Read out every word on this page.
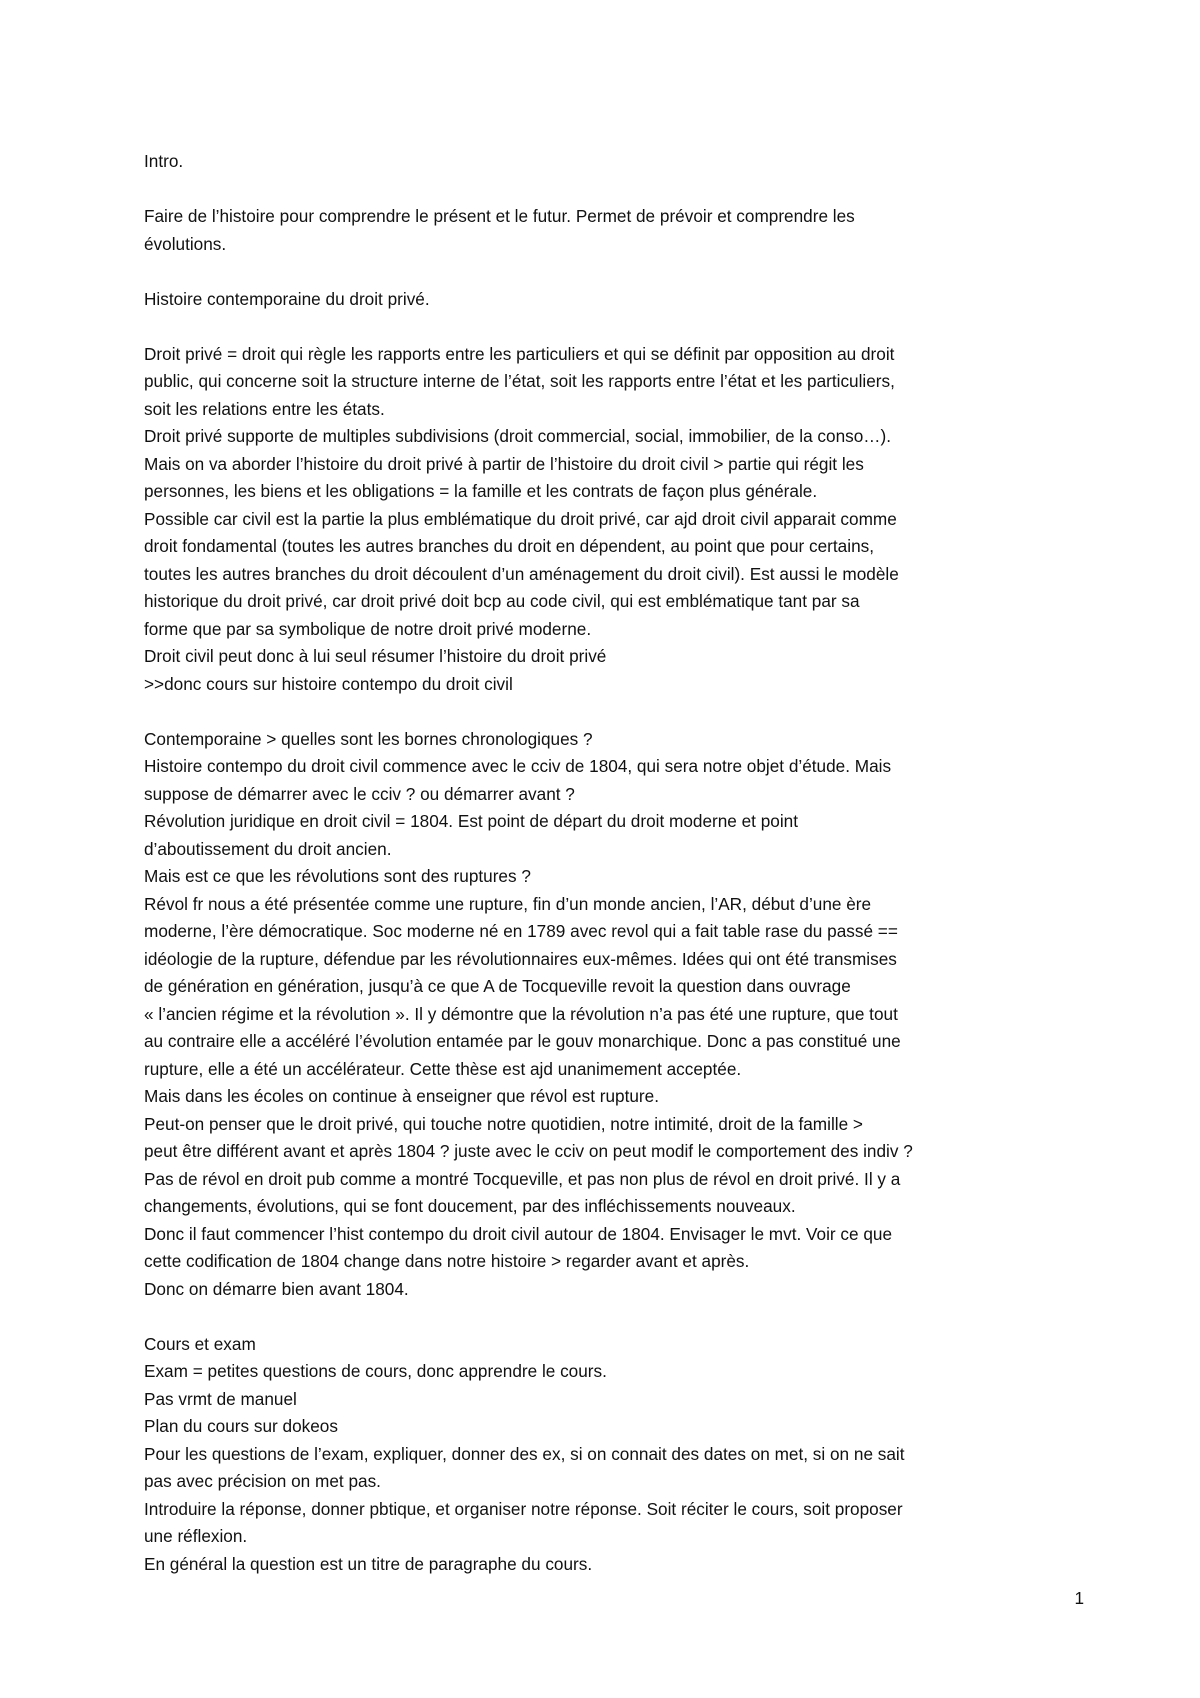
Intro.
Faire de l’histoire pour comprendre le présent et le futur. Permet de prévoir et comprendre les
évolutions.
Histoire contemporaine du droit privé.
Droit privé = droit qui règle les rapports entre les particuliers et qui se définit par opposition au droit
public, qui concerne soit la structure interne de l’état, soit les rapports entre l’état et les particuliers,
soit les relations entre les états.
Droit privé supporte de multiples subdivisions (droit commercial, social, immobilier, de la conso…).
Mais on va aborder l’histoire du droit privé à partir de l’histoire du droit civil > partie qui régit les
personnes, les biens et les obligations = la famille et les contrats de façon plus générale.
Possible car civil est la partie la plus emblématique du droit privé, car ajd droit civil apparait comme
droit fondamental (toutes les autres branches du droit en dépendent, au point que pour certains,
toutes les autres branches du droit découlent d’un aménagement du droit civil). Est aussi le modèle
historique du droit privé, car droit privé doit bcp au code civil, qui est emblématique tant par sa
forme que par sa symbolique de notre droit privé moderne.
Droit civil peut donc à lui seul résumer l’histoire du droit privé
>>donc cours sur histoire contempo du droit civil
Contemporaine > quelles sont les bornes chronologiques ?
Histoire contempo du droit civil commence avec le cciv de 1804, qui sera notre objet d’étude. Mais
suppose de démarrer avec le cciv ? ou démarrer avant ?
Révolution juridique en droit civil = 1804. Est point de départ du droit moderne et point
d’aboutissement du droit ancien.
Mais est ce que les révolutions sont des ruptures ?
Révol fr nous a été présentée comme une rupture, fin d’un monde ancien, l’AR, début d’une ère
moderne, l’ère démocratique. Soc moderne né en 1789 avec revol qui a fait table rase du passé ==
idéologie de la rupture, défendue par les révolutionnaires eux-mêmes. Idées qui ont été transmises
de génération en génération, jusqu’à ce que A de Tocqueville revoit la question dans ouvrage
« l’ancien régime et la révolution ». Il y démontre que la révolution n’a pas été une rupture, que tout
au contraire elle a accéléré l’évolution entamée par le gouv monarchique. Donc a pas constitué une
rupture, elle a été un accélérateur. Cette thèse est ajd unanimement acceptée.
Mais dans les écoles on continue à enseigner que révol est rupture.
Peut-on penser que le droit privé, qui touche notre quotidien, notre intimité, droit de la famille >
peut être différent avant et après 1804 ? juste avec le cciv on peut modif le comportement des indiv ?
Pas de révol en droit pub comme a montré Tocqueville, et pas non plus de révol en droit privé. Il y a
changements, évolutions, qui se font doucement, par des infléchissements nouveaux.
Donc il faut commencer l’hist contempo du droit civil autour de 1804. Envisager le mvt. Voir ce que
cette codification de 1804 change dans notre histoire > regarder avant et après.
Donc on démarre bien avant 1804.
Cours et exam
Exam = petites questions de cours, donc apprendre le cours.
Pas vrmt de manuel
Plan du cours sur dokeos
Pour les questions de l’exam, expliquer, donner des ex, si on connait des dates on met, si on ne sait
pas avec précision on met pas.
Introduire la réponse, donner pbtique, et organiser notre réponse. Soit réciter le cours, soit proposer
une réflexion.
En général la question est un titre de paragraphe du cours.
1
